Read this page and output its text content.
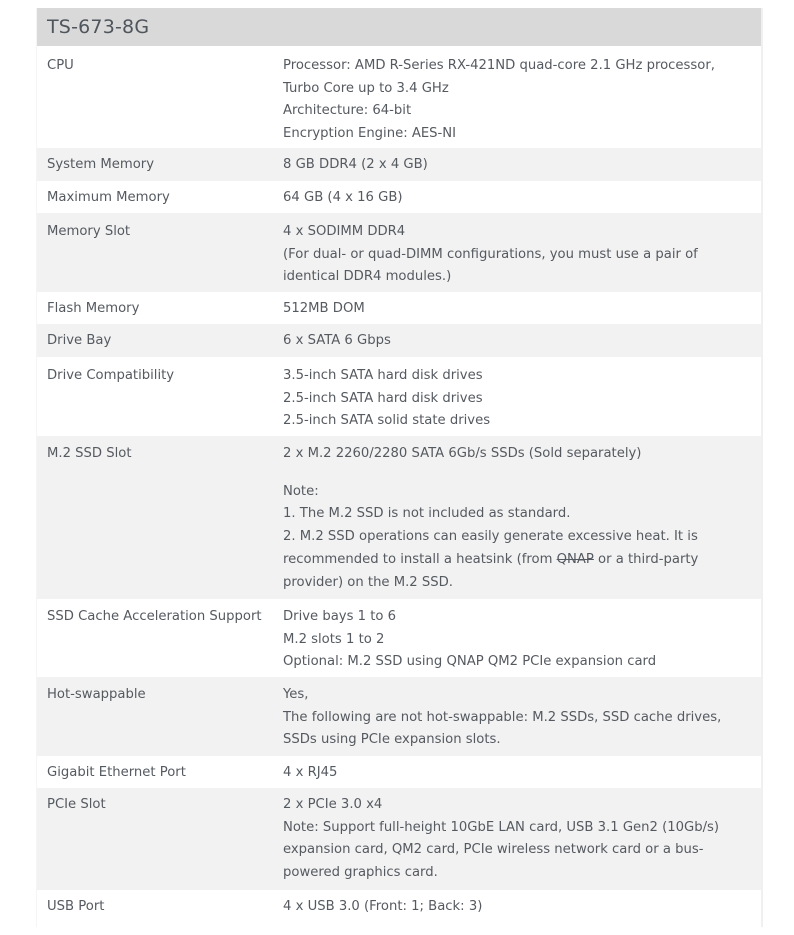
TS-673-8G
CPU	Processor: AMD R-Series RX-421ND quad-core 2.1 GHz processor,
Turbo Core up to 3.4 GHz
Architecture: 64-bit
Encryption Engine: AES-NI
System Memory	8 GB DDR4 (2 x 4 GB)
Maximum Memory	64 GB (4 x 16 GB)
Memory Slot	4 x SODIMM DDR4
(For dual- or quad-DIMM configurations, you must use a pair of
identical DDR4 modules.)
Flash Memory	512MB DOM
Drive Bay	6 x SATA 6 Gbps
Drive Compatibility	3.5-inch SATA hard disk drives
2.5-inch SATA hard disk drives
2.5-inch SATA solid state drives
M.2 SSD Slot	2 x M.2 2260/2280 SATA 6Gb/s SSDs (Sold separately)
Note:
1. The M.2 SSD is not included as standard.
2. M.2 SSD operations can easily generate excessive heat. It is
recommended to install a heatsink (from QNAP or a third-party
provider) on the M.2 SSD.
SSD Cache Acceleration Support	Drive bays 1 to 6
M.2 slots 1 to 2
Optional: M.2 SSD using QNAP QM2 PCIe expansion card
Hot-swappable	Yes,
The following are not hot-swappable: M.2 SSDs, SSD cache drives,
SSDs using PCIe expansion slots.
Gigabit Ethernet Port	4 x RJ45
PCIe Slot	2 x PCIe 3.0 x4
Note: Support full-height 10GbE LAN card, USB 3.1 Gen2 (10Gb/s)
expansion card, QM2 card, PCIe wireless network card or a bus-
powered graphics card.
USB Port	4 x USB 3.0 (Front: 1; Back: 3)
